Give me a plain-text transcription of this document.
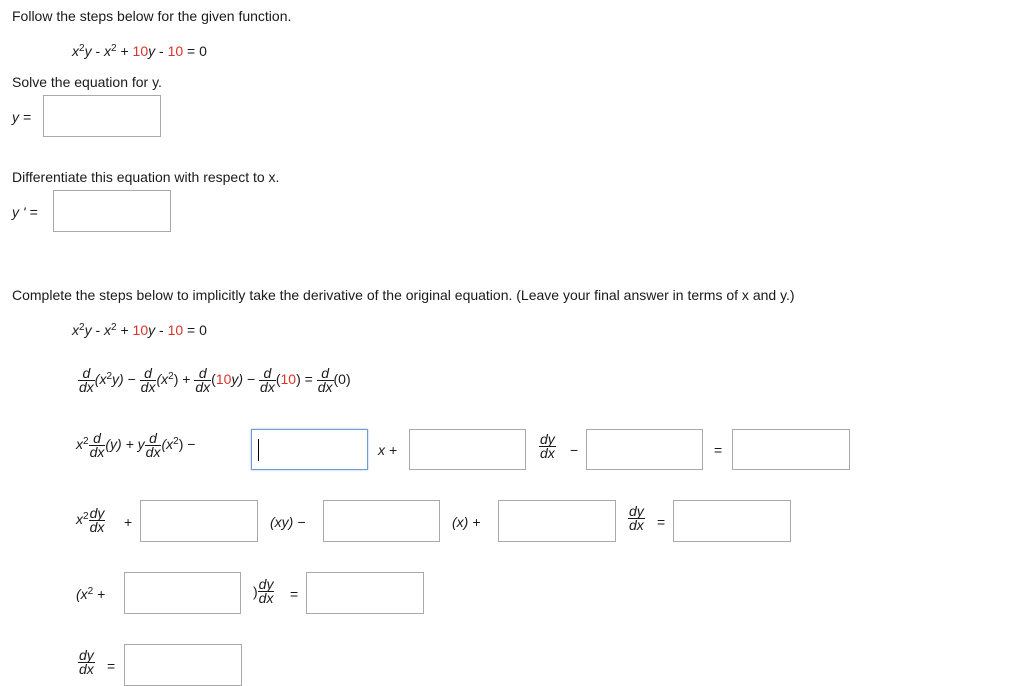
Follow the steps below for the given function.
$x^2y - x^2 + 10y - 10 = 0$
Solve the equation for y.
y =
Differentiate this equation with respect to x.
y ' =
Complete the steps below to implicitly take the derivative of the original equation. (Leave your final answer in terms of x and y.)
$x^2y - x^2 + 10y - 10 = 0$
$\frac{d}{dx} (x^2y) - \frac{d}{dx} (x^2) + \frac{d}{dx} (10y) - \frac{d}{dx} (10) = \frac{d}{dx} (0)$
$x^2 \frac{d}{dx} (y) + y \frac{d}{dx} (x^2)$ −	x +	$\frac{dy}{dx}$ −	=
$x^2 \frac{dy}{dx}$ +	(xy) −	(x) +	$\frac{dy}{dx}$ =
($x^2$ +	) $\frac{dy}{dx}$ =
$\frac{dy}{dx}$ =
